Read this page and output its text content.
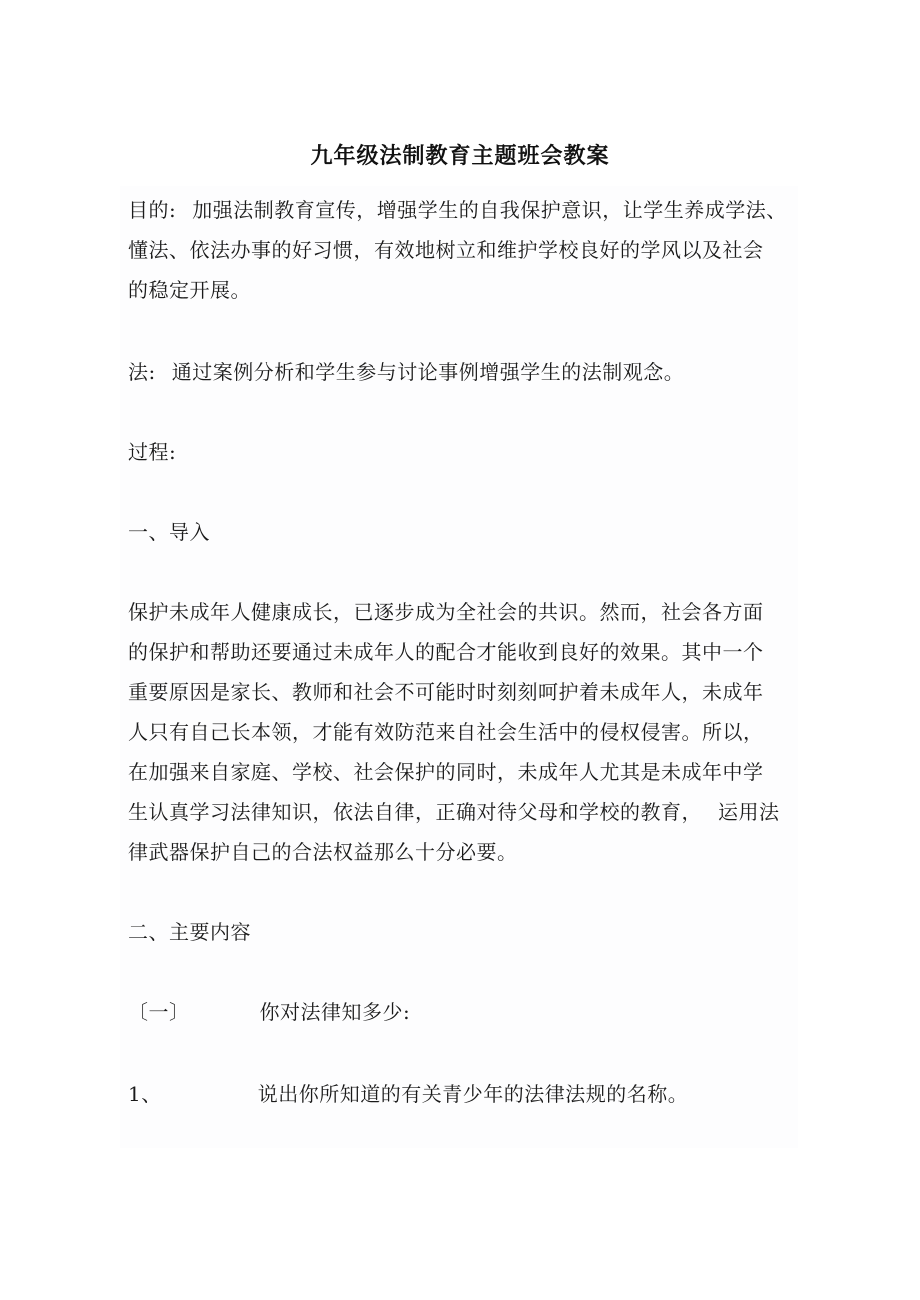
九年级法制教育主题班会教案
目的: 加强法制教育宣传，增强学生的自我保护意识，让学生养成学法、
懂法、依法办事的好习惯，有效地树立和维护学校良好的学风以及社会
的稳定开展。
法: 通过案例分析和学生参与讨论事例增强学生的法制观念。
过程:
一、导入
保护未成年人健康成长，已逐步成为全社会的共识。然而，社会各方面
的保护和帮助还要通过未成年人的配合才能收到良好的效果。其中一个
重要原因是家长、教师和社会不可能时时刻刻呵护着未成年人，未成年
人只有自己长本领，才能有效防范来自社会生活中的侵权侵害。所以，
在加强来自家庭、学校、社会保护的同时，未成年人尤其是未成年中学
生认真学习法律知识，依法自律，正确对待父母和学校的教育， 运用法
律武器保护自己的合法权益那么十分必要。
二、主要内容
〔一〕	你对法律知多少:
1、	说出你所知道的有关青少年的法律法规的名称。
